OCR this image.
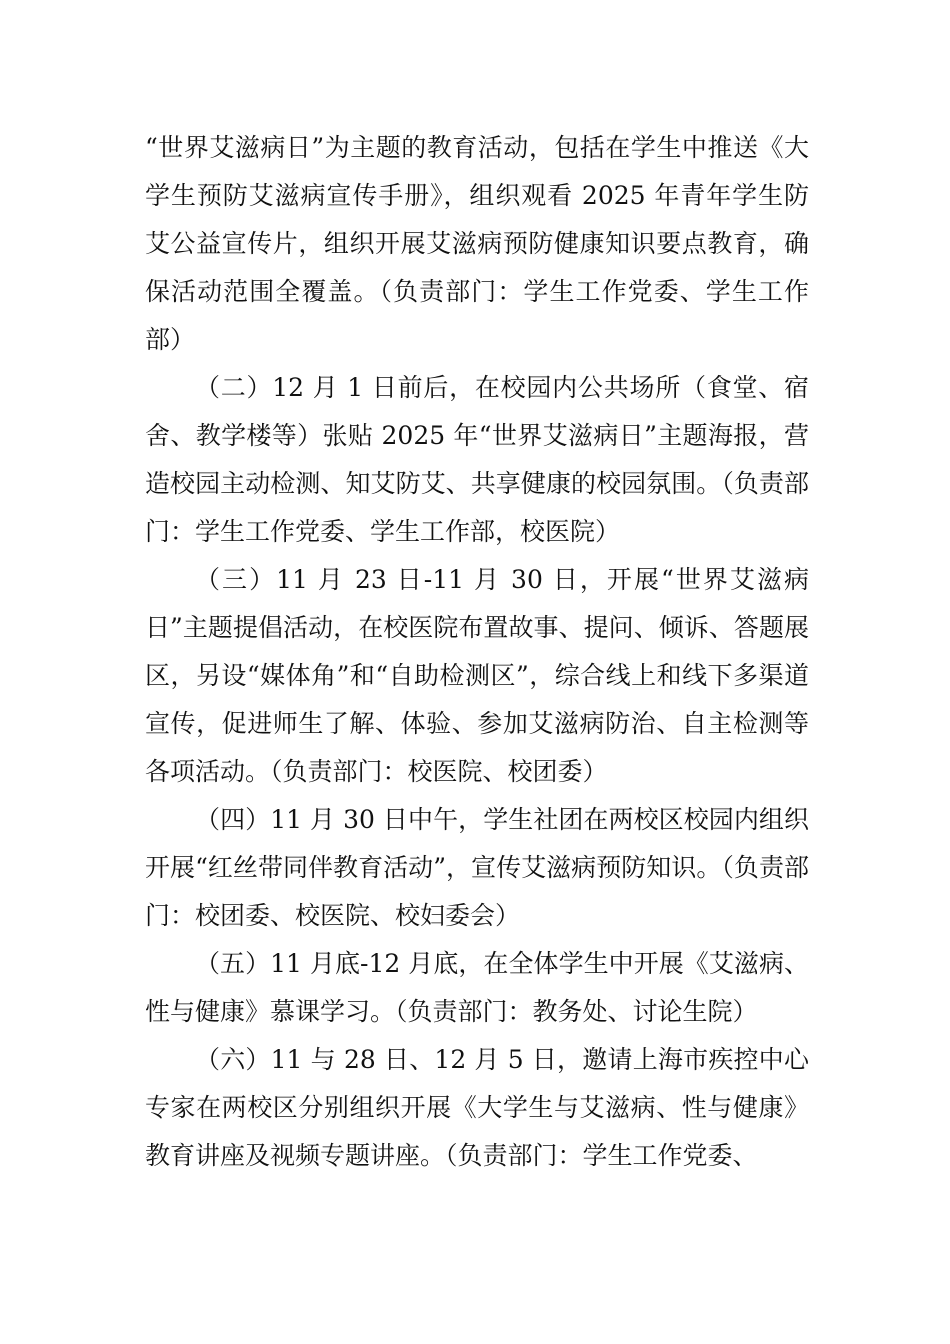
“世界艾滋病日”为主题的教育活动，包括在学生中推送《大学生预防艾滋病宣传手册》，组织观看 2025 年青年学生防艾公益宣传片，组织开展艾滋病预防健康知识要点教育，确保活动范围全覆盖。（负责部门：学生工作党委、学生工作部）

（二）12 月 1 日前后，在校园内公共场所（食堂、宿舍、教学楼等）张贴 2025 年“世界艾滋病日”主题海报，营造校园主动检测、知艾防艾、共享健康的校园氛围。（负责部门：学生工作党委、学生工作部，校医院）

（三）11 月 23 日-11 月 30 日，开展“世界艾滋病日”主题提倡活动，在校医院布置故事、提问、倾诉、答题展区，另设“媒体角”和“自助检测区”，综合线上和线下多渠道宣传，促进师生了解、体验、参加艾滋病防治、自主检测等各项活动。（负责部门：校医院、校团委）

（四）11 月 30 日中午，学生社团在两校区校园内组织开展“红丝带同伴教育活动”，宣传艾滋病预防知识。（负责部门：校团委、校医院、校妇委会）

（五）11 月底-12 月底，在全体学生中开展《艾滋病、性与健康》慕课学习。（负责部门：教务处、讨论生院）

（六）11 与 28 日、12 月 5 日，邀请上海市疾控中心专家在两校区分别组织开展《大学生与艾滋病、性与健康》教育讲座及视频专题讲座。（负责部门：学生工作党委、
